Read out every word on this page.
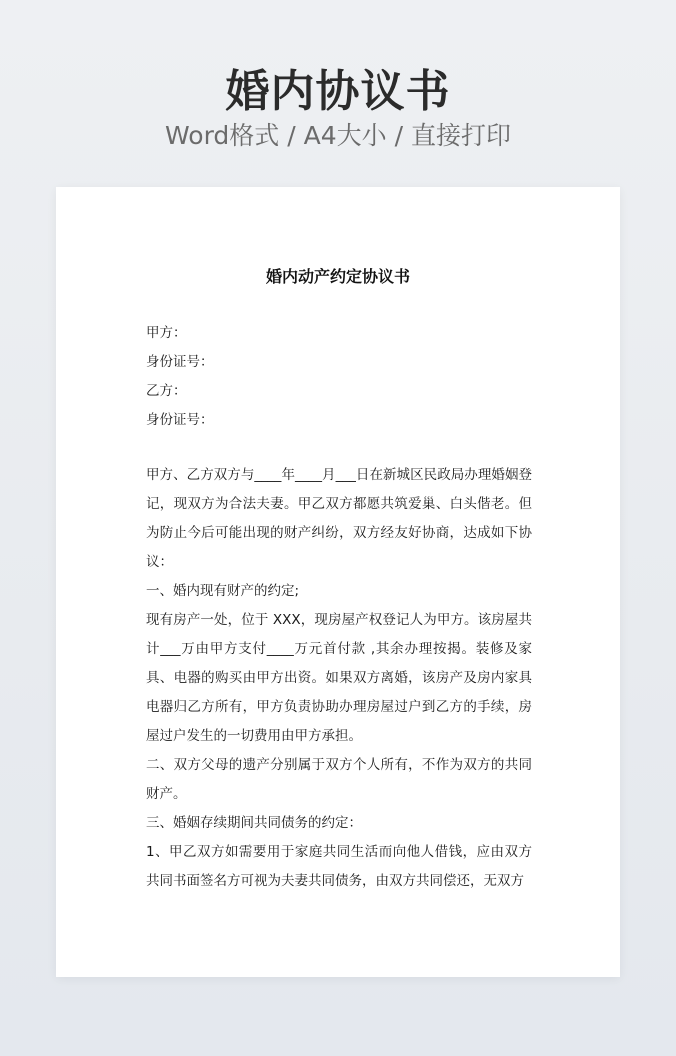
婚内协议书
Word格式 / A4大小 / 直接打印
婚内动产约定协议书
甲方：
身份证号：
乙方：
身份证号：

甲方、乙方双方与____年____月___日在新城区民政局办理婚姻登记，现双方为合法夫妻。甲乙双方都愿共筑爱巢、白头偕老。但为防止今后可能出现的财产纠纷，双方经友好协商，达成如下协议：

一、婚内现有财产的约定;

现有房产一处，位于 XXX，现房屋产权登记人为甲方。该房屋共计___万由甲方支付____万元首付款 ,其余办理按揭。装修及家具、电器的购买由甲方出资。如果双方离婚，该房产及房内家具电器归乙方所有，甲方负责协助办理房屋过户到乙方的手续，房屋过户发生的一切费用由甲方承担。

二、双方父母的遗产分别属于双方个人所有，不作为双方的共同财产。

三、婚姻存续期间共同债务的约定：

1、甲乙双方如需要用于家庭共同生活而向他人借钱，应由双方共同书面签名方可视为夫妻共同债务，由双方共同偿还，无双方
